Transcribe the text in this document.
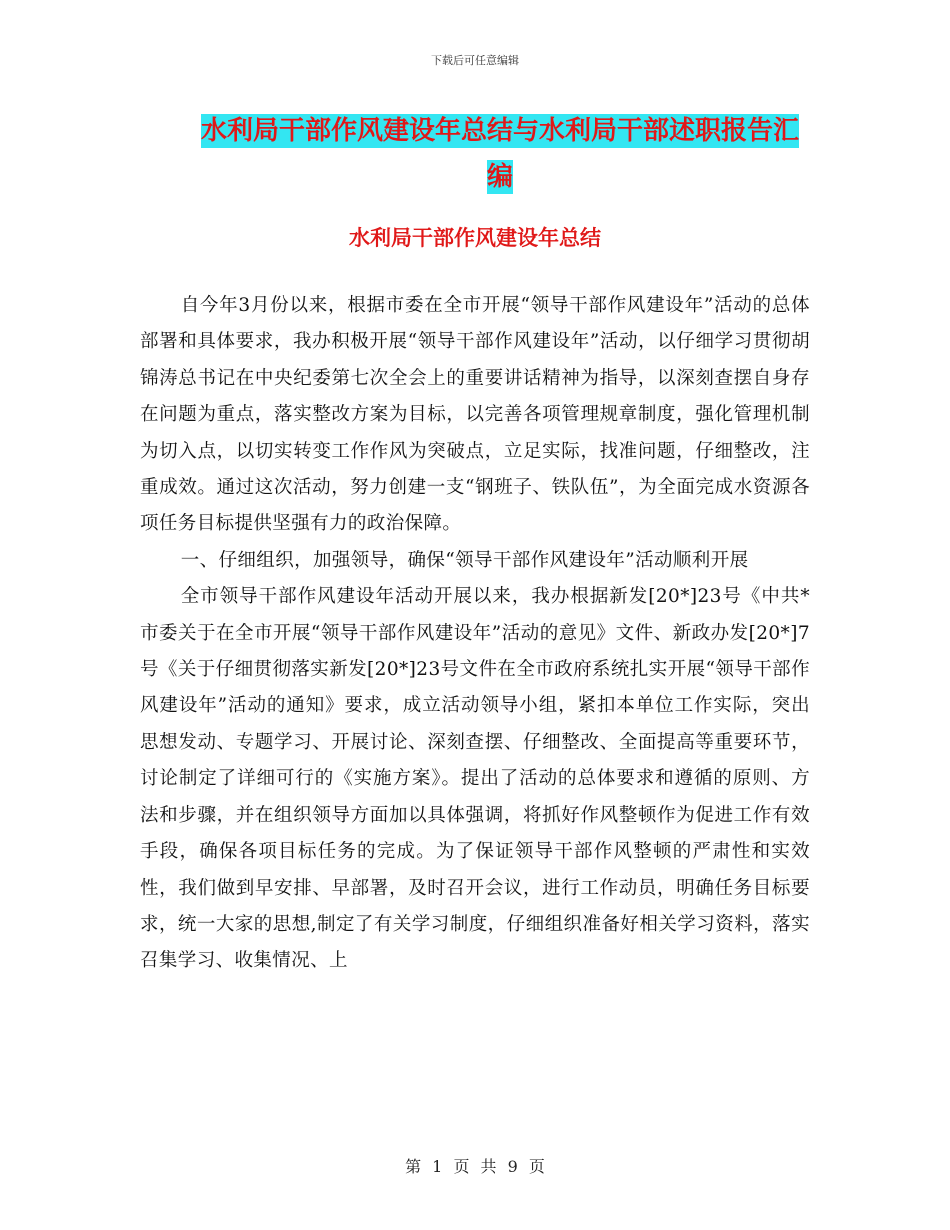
下载后可任意编辑
水利局干部作风建设年总结与水利局干部述职报告汇
编
水利局干部作风建设年总结

自今年3月份以来，根据市委在全市开展“领导干部作风建设年”活动的总体部署和具体要求，我办积极开展“领导干部作风建设年”活动，以仔细学习贯彻胡锦涛总书记在中央纪委第七次全会上的重要讲话精神为指导，以深刻查摆自身存在问题为重点，落实整改方案为目标，以完善各项管理规章制度，强化管理机制为切入点，以切实转变工作作风为突破点，立足实际，找准问题，仔细整改，注重成效。通过这次活动，努力创建一支“钢班子、铁队伍”，为全面完成水资源各项任务目标提供坚强有力的政治保障。

一、仔细组织，加强领导，确保“领导干部作风建设年”活动顺利开展

全市领导干部作风建设年活动开展以来，我办根据新发[20*]23号《中共*市委关于在全市开展“领导干部作风建设年”活动的意见》文件、新政办发[20*]7号《关于仔细贯彻落实新发[20*]23号文件在全市政府系统扎实开展“领导干部作风建设年”活动的通知》要求，成立活动领导小组，紧扣本单位工作实际，突出思想发动、专题学习、开展讨论、深刻查摆、仔细整改、全面提高等重要环节，讨论制定了详细可行的《实施方案》。提出了活动的总体要求和遵循的原则、方法和步骤，并在组织领导方面加以具体强调，将抓好作风整顿作为促进工作有效手段，确保各项目标任务的完成。为了保证领导干部作风整顿的严肃性和实效性，我们做到早安排、早部署，及时召开会议，进行工作动员，明确任务目标要求，统一大家的思想,制定了有关学习制度，仔细组织准备好相关学习资料，落实召集学习、收集情况、上

第 1 页 共 9 页
